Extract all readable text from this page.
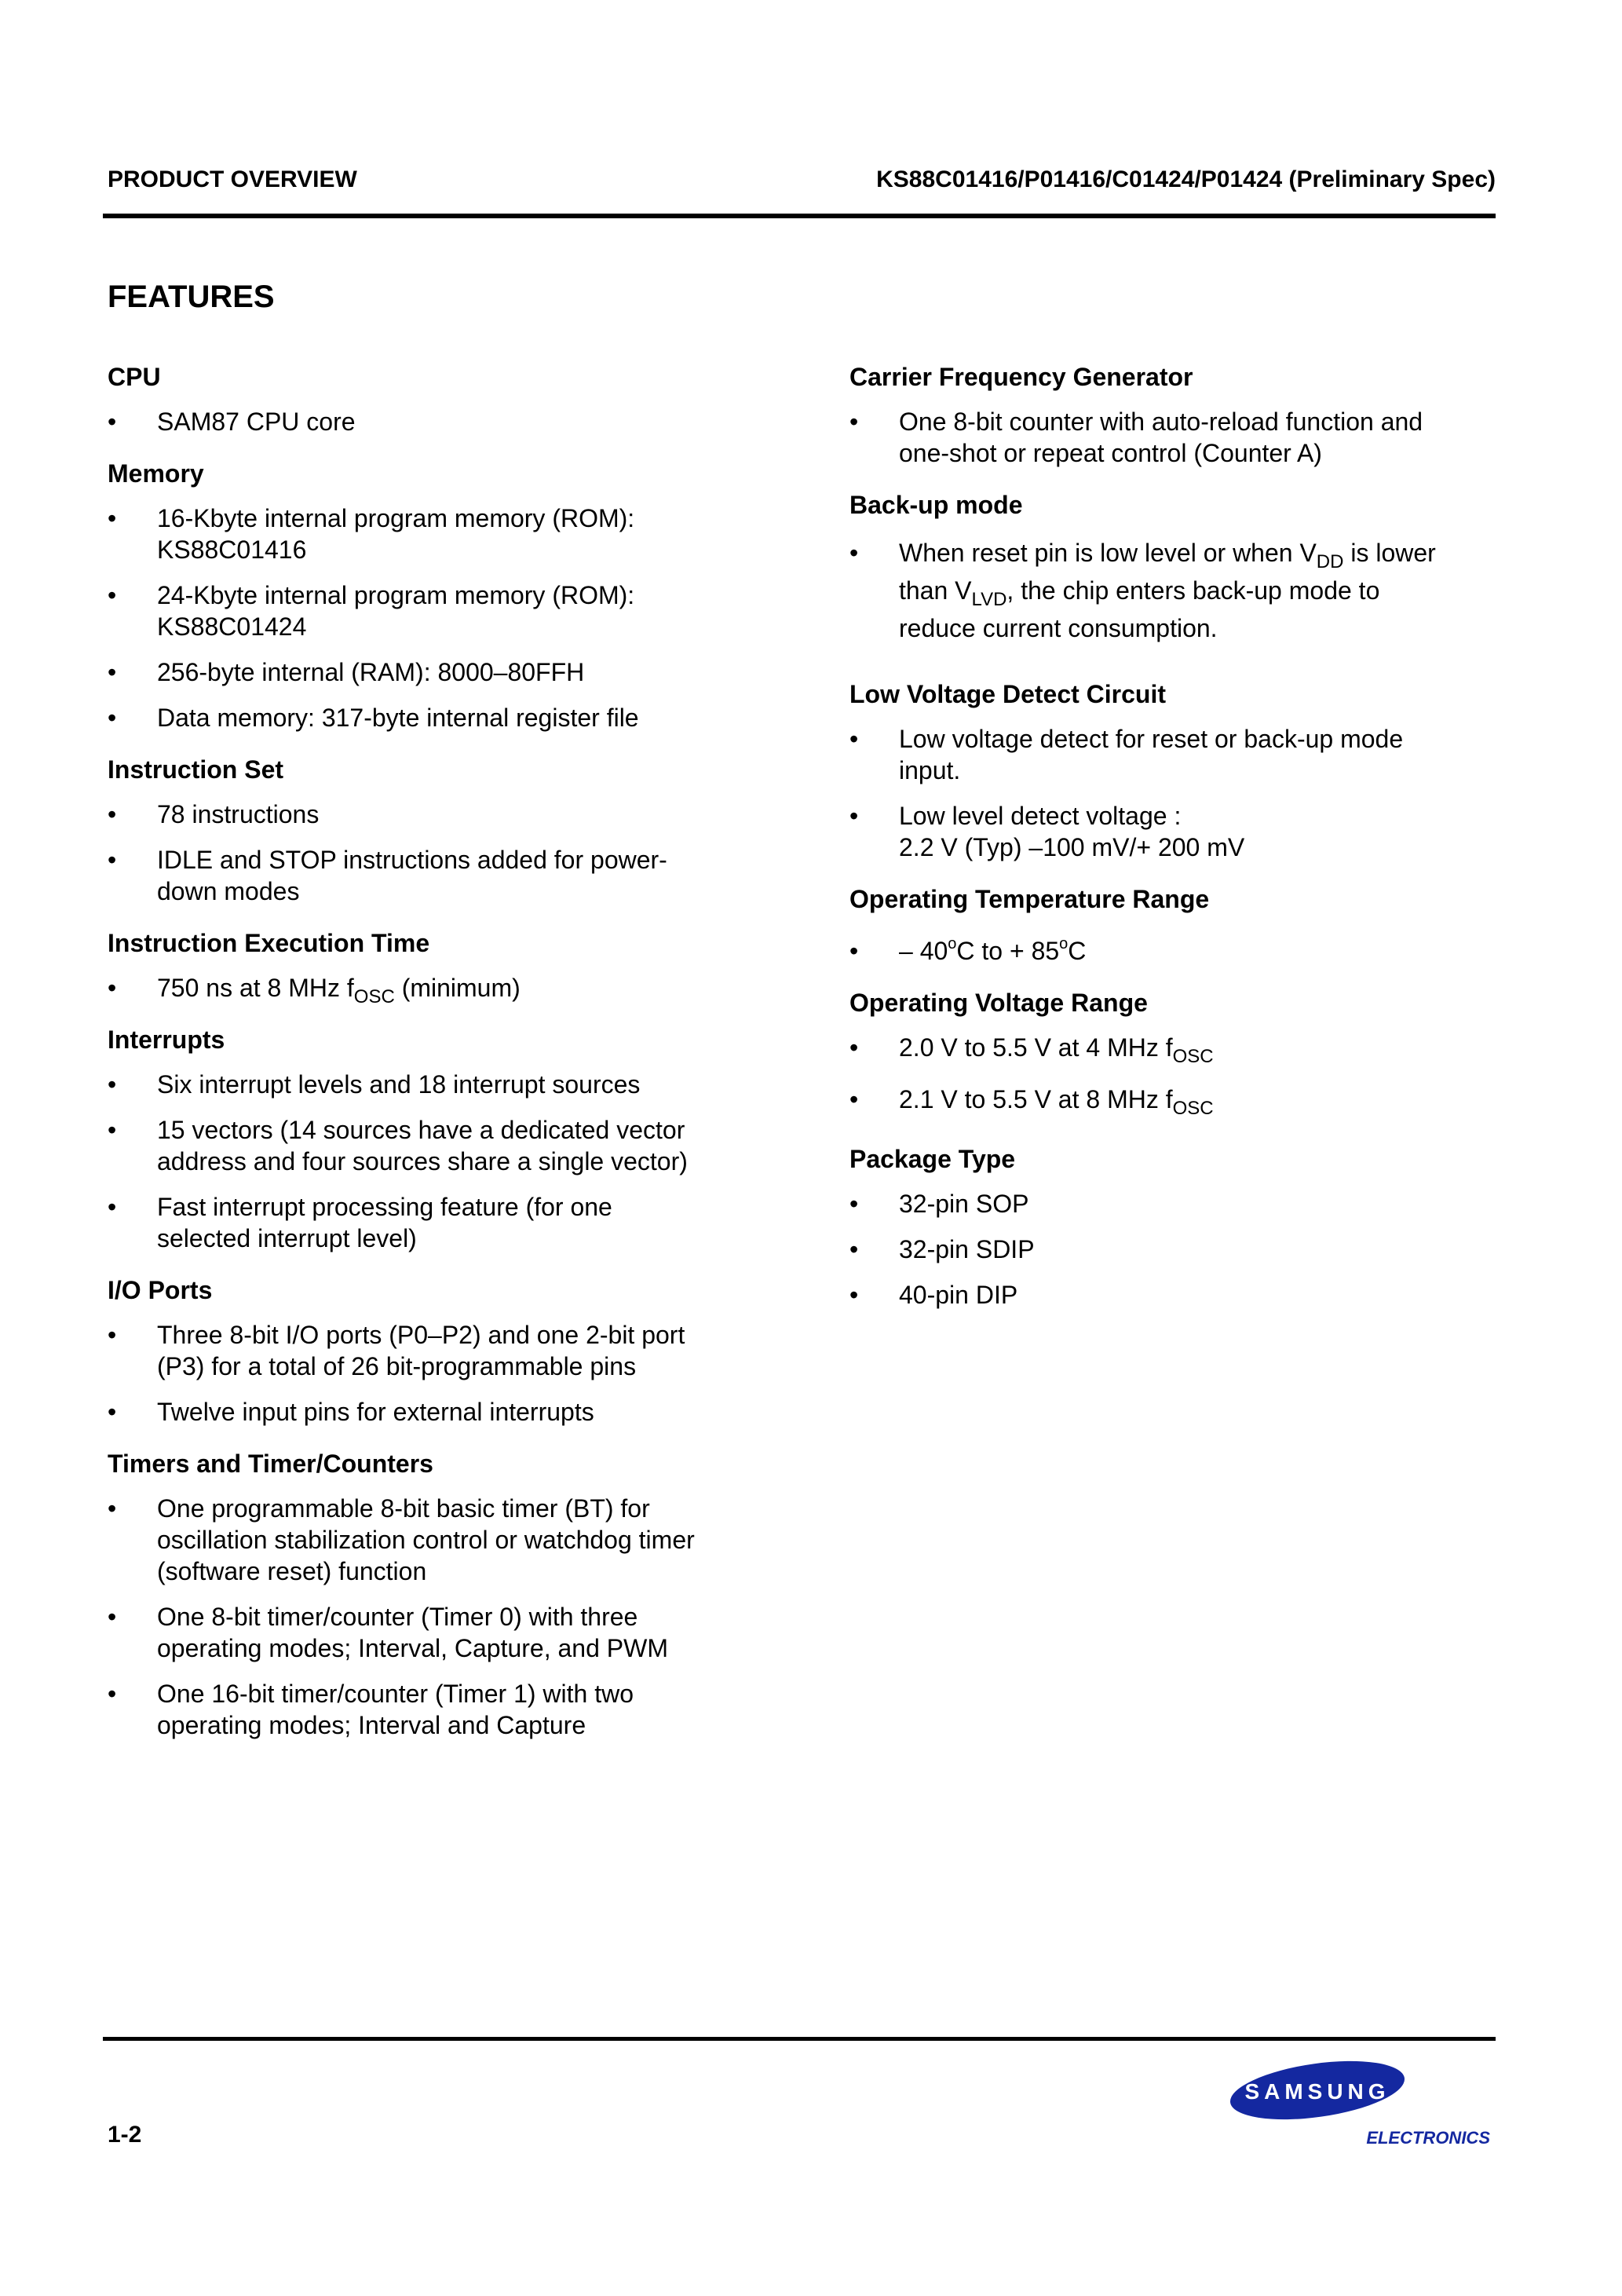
PRODUCT OVERVIEW	KS88C01416/P01416/C01424/P01424 (Preliminary Spec)
FEATURES
CPU
• SAM87 CPU core
Memory
• 16-Kbyte internal program memory (ROM):
KS88C01416
• 24-Kbyte internal program memory (ROM):
KS88C01424
• 256-byte internal (RAM): 8000–80FFH
• Data memory: 317-byte internal register file
Instruction Set
• 78 instructions
• IDLE and STOP instructions added for power-
down modes
Instruction Execution Time
• 750 ns at 8 MHz $f_{OSC}$ (minimum)
Interrupts
• Six interrupt levels and 18 interrupt sources
• 15 vectors (14 sources have a dedicated vector
address and four sources share a single vector)
• Fast interrupt processing feature (for one
selected interrupt level)
I/O Ports
• Three 8-bit I/O ports (P0–P2) and one 2-bit port
(P3) for a total of 26 bit-programmable pins
• Twelve input pins for external interrupts
Timers and Timer/Counters
• One programmable 8-bit basic timer (BT) for
oscillation stabilization control or watchdog timer
(software reset) function
• One 8-bit timer/counter (Timer 0) with three
operating modes; Interval, Capture, and PWM
• One 16-bit timer/counter (Timer 1) with two
operating modes; Interval and Capture
Carrier Frequency Generator
• One 8-bit counter with auto-reload function and
one-shot or repeat control (Counter A)
Back-up mode
• When reset pin is low level or when $V_{DD}$ is lower
than $V_{LVD}$, the chip enters back-up mode to
reduce current consumption.
Low Voltage Detect Circuit
• Low voltage detect for reset or back-up mode
input.
• Low level detect voltage :
2.2 V (Typ) –100 mV/+ 200 mV
Operating Temperature Range
• – 40$^o$C to + $85^oC$
Operating Voltage Range
• 2.0 V to 5.5 V at 4 MHz $f_{OSC}$
• 2.1 V to 5.5 V at 8 MHz $f_{OSC}$
Package Type
• 32-pin SOP
• 32-pin SDIP
• 40-pin DIP
1-2
SAMSUNG
ELECTRONICS
